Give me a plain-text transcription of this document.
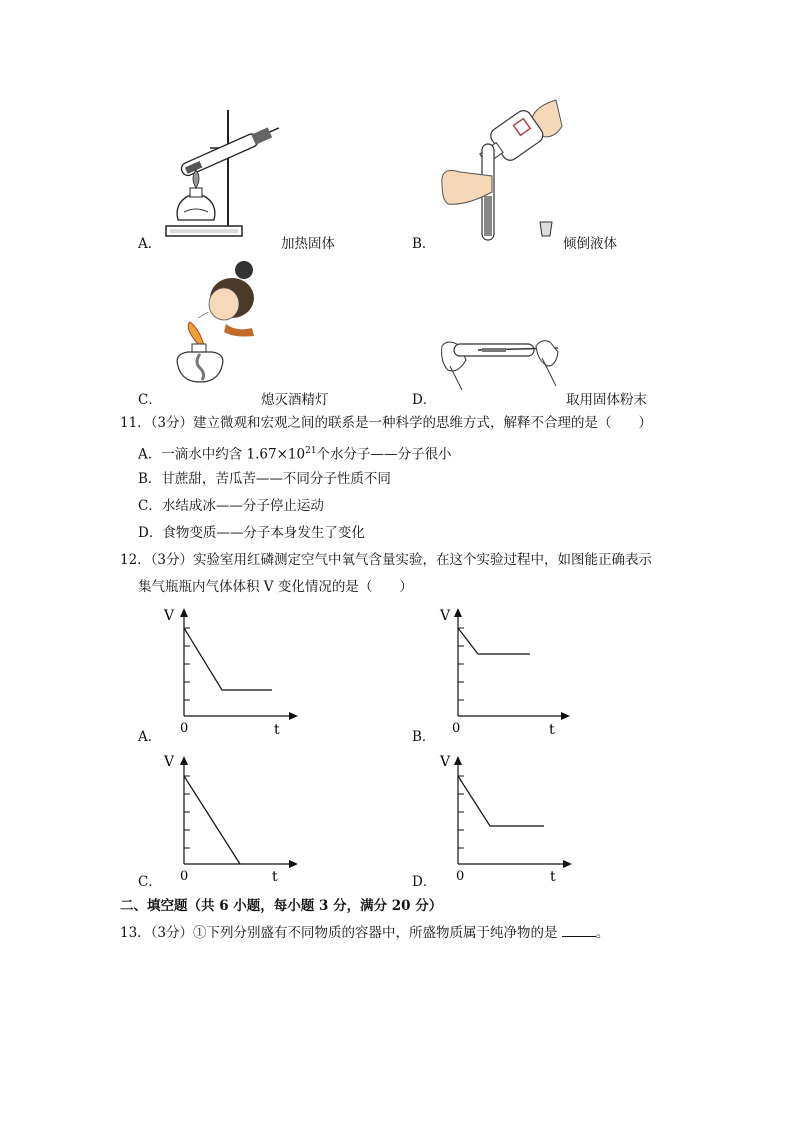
A．	加热固体	B．	倾倒液体
C．	熄灭酒精灯	D．	取用固体粉末
11．（3分）建立微观和宏观之间的联系是一种科学的思维方式，解释不合理的是（　　）
A．一滴水中约含 $1.67\times 10^{21}$个水分子——分子很小
B．甘蔗甜，苦瓜苦——不同分子性质不同
C．水结成冰——分子停止运动
D．食物变质——分子本身发生了变化
12．（3分）实验室用红磷测定空气中氧气含量实验，在这个实验过程中，如图能正确表示
集气瓶瓶内气体体积 V 变化情况的是（　　）
V
0	t
A．
V
0	t
B．
V
0	t
C．
V
0	t
D．
二、填空题（共 6 小题，每小题 3 分，满分 20 分）
13．（3分）①下列分别盛有不同物质的容器中，所盛物质属于纯净物的是	。
